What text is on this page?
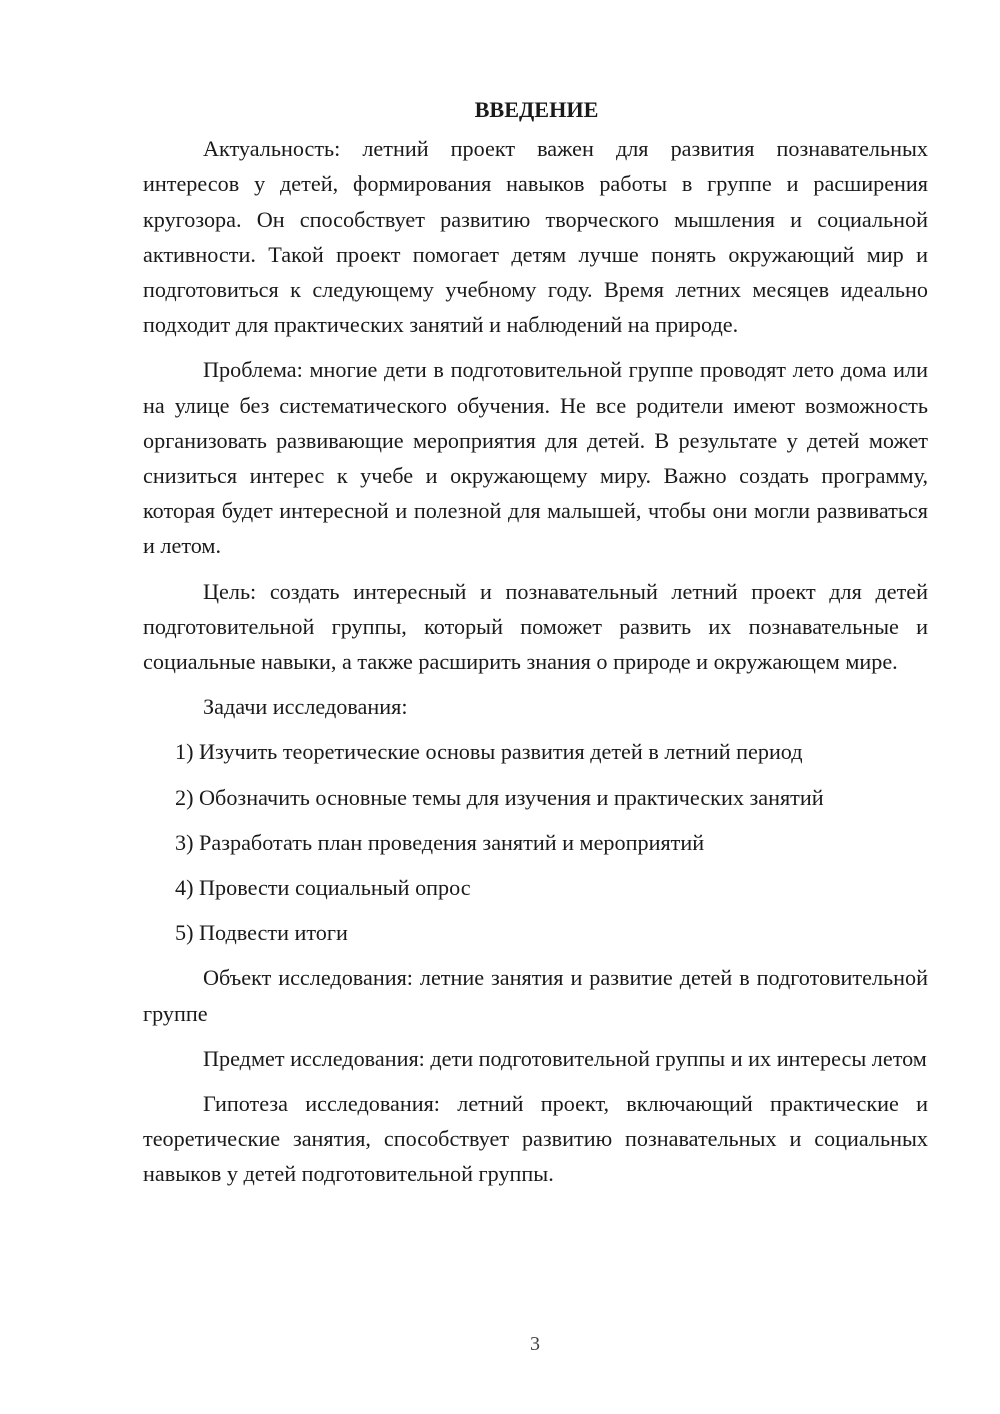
ВВЕДЕНИЕ

Актуальность: летний проект важен для развития познавательных интересов у детей, формирования навыков работы в группе и расширения кругозора. Он способствует развитию творческого мышления и социальной активности. Такой проект помогает детям лучше понять окружающий мир и подготовиться к следующему учебному году. Время летних месяцев идеально подходит для практических занятий и наблюдений на природе.

Проблема: многие дети в подготовительной группе проводят лето дома или на улице без систематического обучения. Не все родители имеют возможность организовать развивающие мероприятия для детей. В результате у детей может снизиться интерес к учебе и окружающему миру. Важно создать программу, которая будет интересной и полезной для малышей, чтобы они могли развиваться и летом.

Цель: создать интересный и познавательный летний проект для детей подготовительной группы, который поможет развить их познавательные и социальные навыки, а также расширить знания о природе и окружающем мире.

Задачи исследования:

1) Изучить теоретические основы развития детей в летний период

2) Обозначить основные темы для изучения и практических занятий

3) Разработать план проведения занятий и мероприятий

4) Провести социальный опрос

5) Подвести итоги

Объект исследования: летние занятия и развитие детей в подготовительной группе

Предмет исследования: дети подготовительной группы и их интересы летом

Гипотеза исследования: летний проект, включающий практические и теоретические занятия, способствует развитию познавательных и социальных навыков у детей подготовительной группы.

3
